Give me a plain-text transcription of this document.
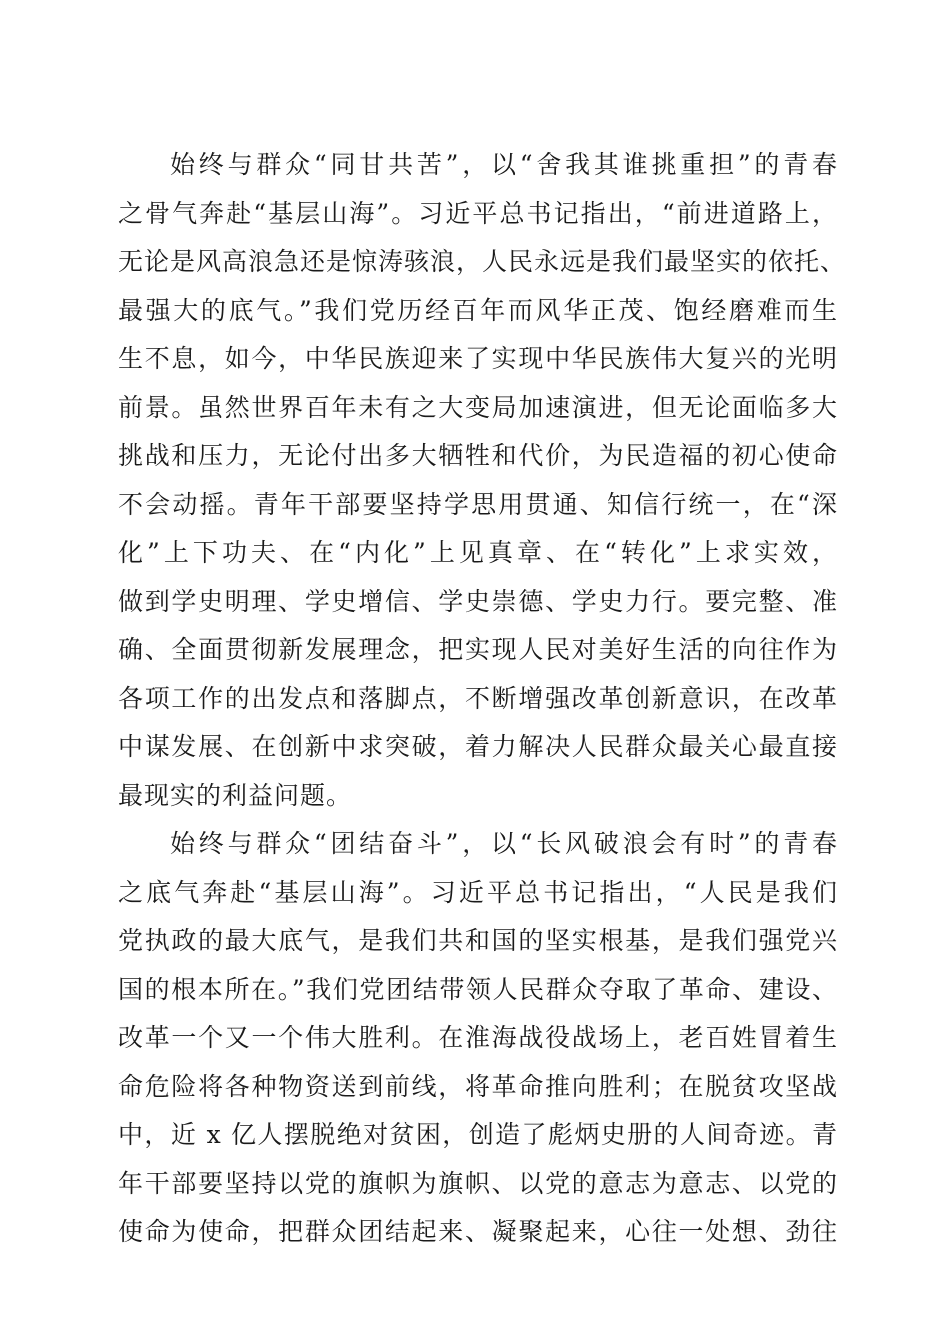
始终与群众“同甘共苦”，以“舍我其谁挑重担”的青春
之骨气奔赴“基层山海”。习近平总书记指出，“前进道路上，
无论是风高浪急还是惊涛骇浪，人民永远是我们最坚实的依托、
最强大的底气。”我们党历经百年而风华正茂、饱经磨难而生
生不息，如今，中华民族迎来了实现中华民族伟大复兴的光明
前景。虽然世界百年未有之大变局加速演进，但无论面临多大
挑战和压力，无论付出多大牺牲和代价，为民造福的初心使命
不会动摇。青年干部要坚持学思用贯通、知信行统一，在“深
化”上下功夫、在“内化”上见真章、在“转化”上求实效，
做到学史明理、学史增信、学史崇德、学史力行。要完整、准
确、全面贯彻新发展理念，把实现人民对美好生活的向往作为
各项工作的出发点和落脚点，不断增强改革创新意识，在改革
中谋发展、在创新中求突破，着力解决人民群众最关心最直接
最现实的利益问题。
始终与群众“团结奋斗”，以“长风破浪会有时”的青春
之底气奔赴“基层山海”。习近平总书记指出，“人民是我们
党执政的最大底气，是我们共和国的坚实根基，是我们强党兴
国的根本所在。”我们党团结带领人民群众夺取了革命、建设、
改革一个又一个伟大胜利。在淮海战役战场上，老百姓冒着生
命危险将各种物资送到前线，将革命推向胜利；在脱贫攻坚战
中，近 x 亿人摆脱绝对贫困，创造了彪炳史册的人间奇迹。青
年干部要坚持以党的旗帜为旗帜、以党的意志为意志、以党的
使命为使命，把群众团结起来、凝聚起来，心往一处想、劲往
